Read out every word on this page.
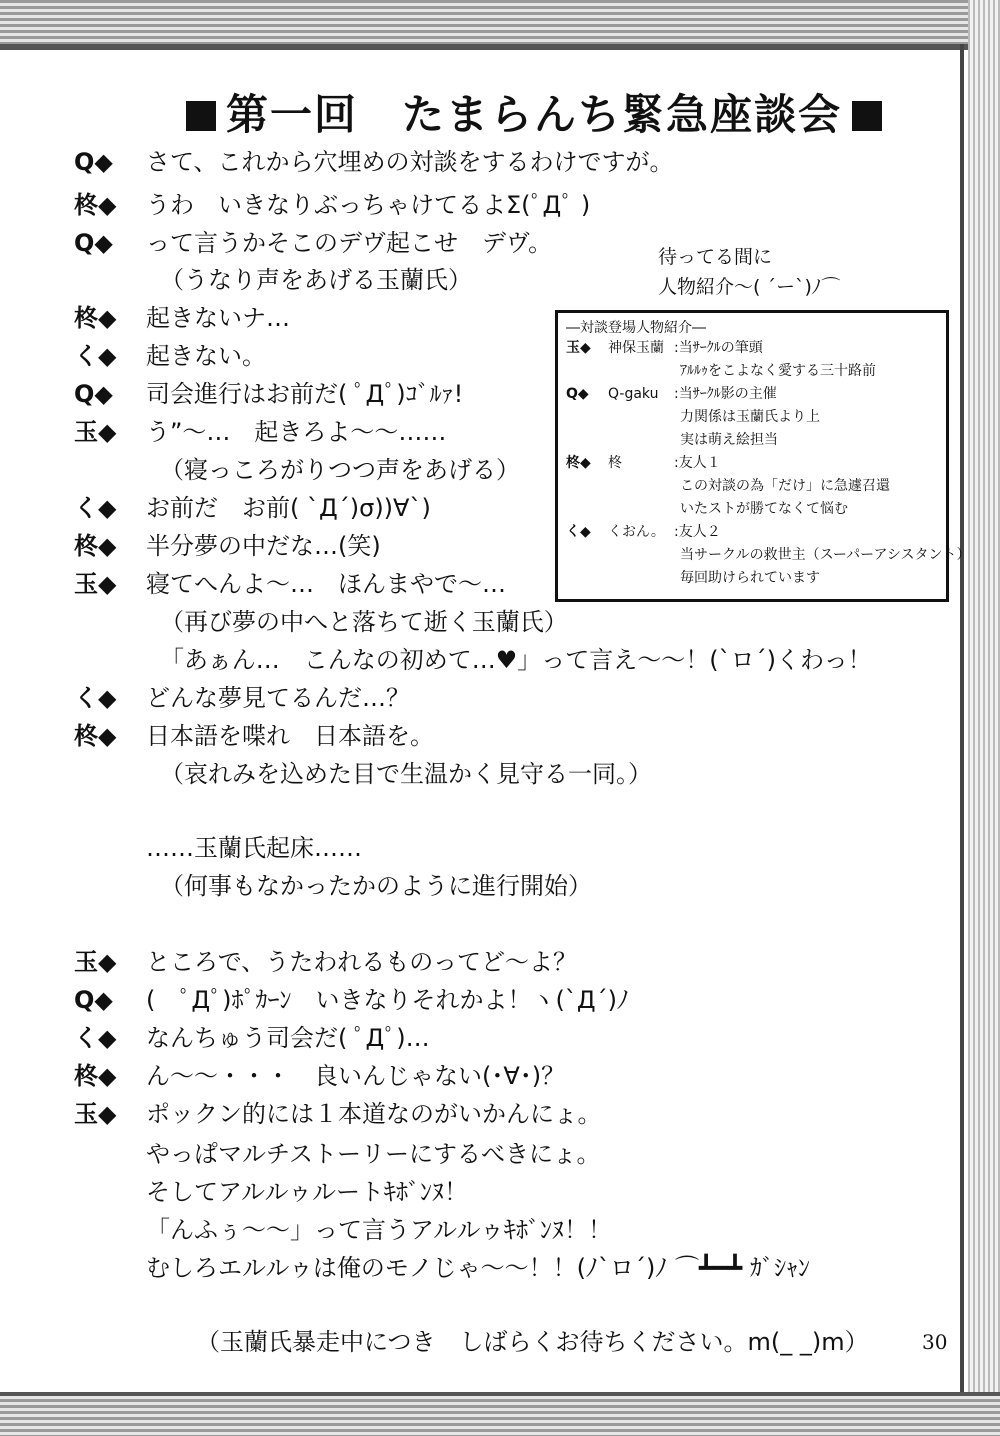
第一回　たまらんち緊急座談会
Q◆	さて、これから穴埋めの対談をするわけですが。
柊◆	うわ　いきなりぶっちゃけてるよΣ(ﾟДﾟ )
Q◆	って言うかそこのデヴ起こせ　デヴ。
（うなり声をあげる玉蘭氏）
柊◆	起きないナ…
く◆	起きない。
Q◆	司会進行はお前だ( ﾟДﾟ)ｺﾞﾙｧ!
玉◆	う”～…　起きろよ～～……
（寝っころがりつつ声をあげる）
く◆	お前だ　お前( `Д´)σ))∀`)
柊◆	半分夢の中だな…(笑)
玉◆	寝てへんよ～…　ほんまやで～…
（再び夢の中へと落ちて逝く玉蘭氏）
「あぁん…　こんなの初めて…♥」って言え～～！(`ロ´)くわっ！
く◆	どんな夢見てるんだ…？
柊◆	日本語を喋れ　日本語を。
（哀れみを込めた目で生温かく見守る一同。）
……玉蘭氏起床……
（何事もなかったかのように進行開始）
玉◆	ところで、うたわれるものってど～よ？
Q◆	(　ﾟДﾟ)ﾎﾟｶｰﾝ　いきなりそれかよ！ヽ(`Д´)ﾉ
く◆	なんちゅう司会だ( ﾟДﾟ)…
柊◆	ん～～・・・　良いんじゃない(･∀･)？
玉◆	ポックン的には１本道なのがいかんにょ。
やっぱマルチストーリーにするべきにょ。
そしてアルルゥルートｷﾎﾞﾝﾇ！
「んふぅ～～」って言うアルルゥｷﾎﾞﾝﾇ！！
むしろエルルゥは俺のモノじゃ～～！！(ﾉ`ロ´)ﾉ ⌒┻━┻ ｶﾞｼｬﾝ
（玉蘭氏暴走中につき　しばらくお待ちください。m(_ _)m）
待ってる間に
人物紹介～( ´ー`)ﾉ⌒
―対談登場人物紹介―
玉◆	神保玉蘭 :当ｻｰｸﾙの筆頭
ｱﾙﾙｩをこよなく愛する三十路前
Q◆	Q-gaku	:当ｻｰｸﾙ影の主催
力関係は玉蘭氏より上
実は萌え絵担当
柊◆	柊	:友人１
この対談の為「だけ」に急遽召還
いたストが勝てなくて悩む
く◆	くおん。 :友人２
当サークルの救世主（スーパーアシスタント）
毎回助けられています
30
